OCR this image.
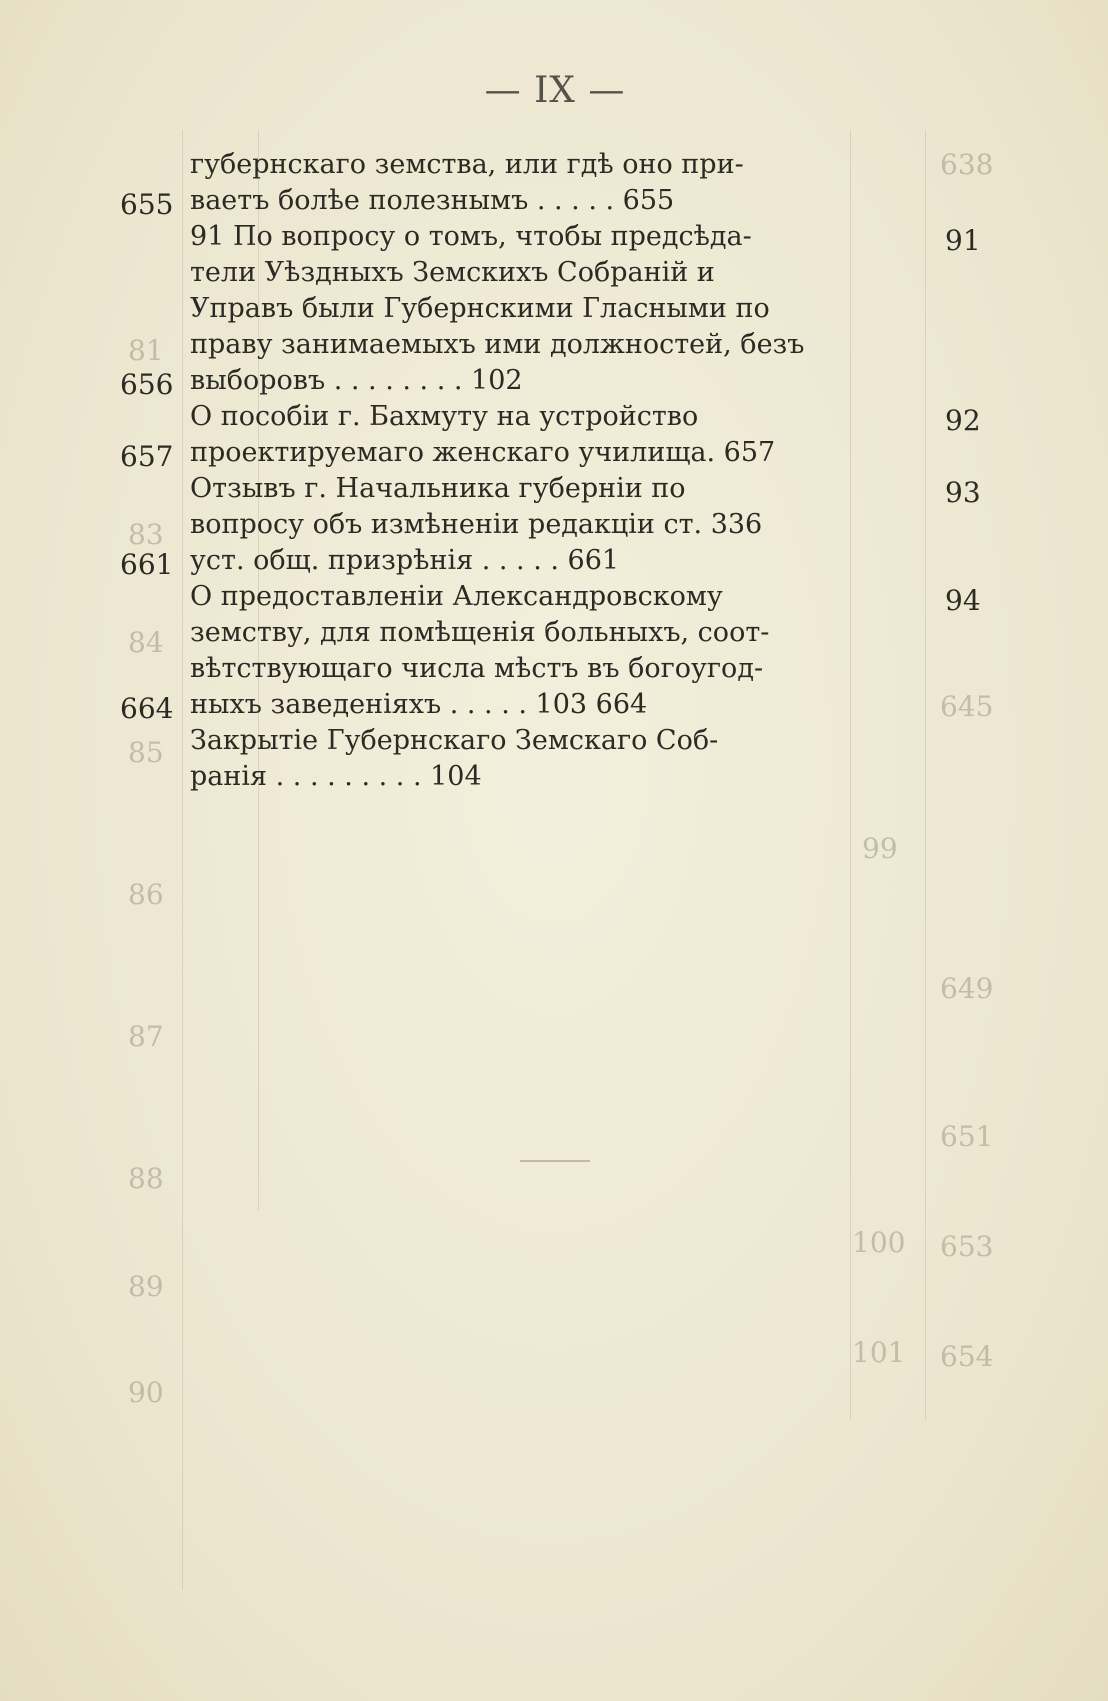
— IX —
638
81
83
84
85
86
87
88
89
90
645
649
651
653
654
99
100
101
губернскаго земства, или гдѣ оно при-
ваетъ болѣе полезнымъ . . . . . 655
91 По вопросу о томъ, чтобы предсѣда-
тели Уѣздныхъ Земскихъ Собраній и
Управъ были Губернскими Гласными по
праву занимаемыхъ ими должностей, безъ
выборовъ . . . . . . . . 102
О пособіи г. Бахмуту на устройство
проектируемаго женскаго училища. 657
Отзывъ г. Начальника губерніи по
вопросу объ измѣненіи редакціи ст. 336
уст. общ. призрѣнія . . . . . 661
О предоставленіи Александровскому
земству, для помѣщенія больныхъ, соот-
вѣтствующаго числа мѣстъ въ богоугод-
ныхъ заведеніяхъ . . . . . 103 664
Закрытіе Губернскаго Земскаго Соб-
ранія . . . . . . . . . 104
655
656
657
661
664
91
92
93
94
